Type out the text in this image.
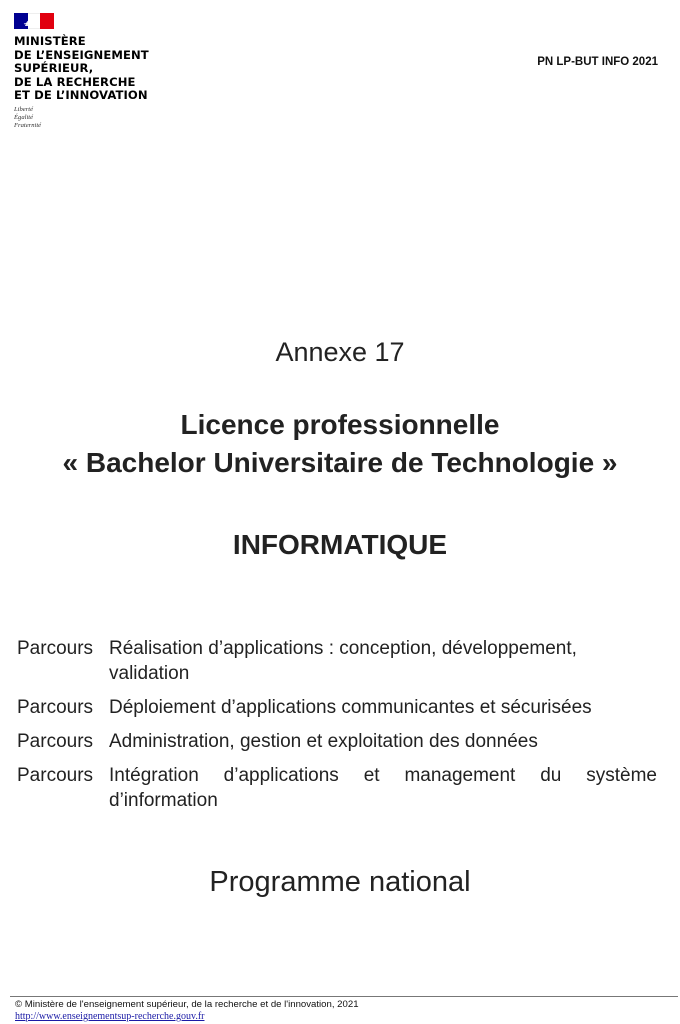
MINISTÈRE
DE L’ENSEIGNEMENT
SUPÉRIEUR,
DE LA RECHERCHE
ET DE L’INNOVATION
Liberté
Égalité
Fraternité
PN LP-BUT INFO 2021
Annexe 17
Licence professionnelle
« Bachelor Universitaire de Technologie »
INFORMATIQUE
Parcours Réalisation d’applications : conception, développement, validation
Parcours Déploiement d’applications communicantes et sécurisées
Parcours Administration, gestion et exploitation des données
Parcours Intégration d’applications et management du système d’information
Programme national
© Ministère de l'enseignement supérieur, de la recherche et de l'innovation, 2021
http://www.enseignementsup-recherche.gouv.fr
